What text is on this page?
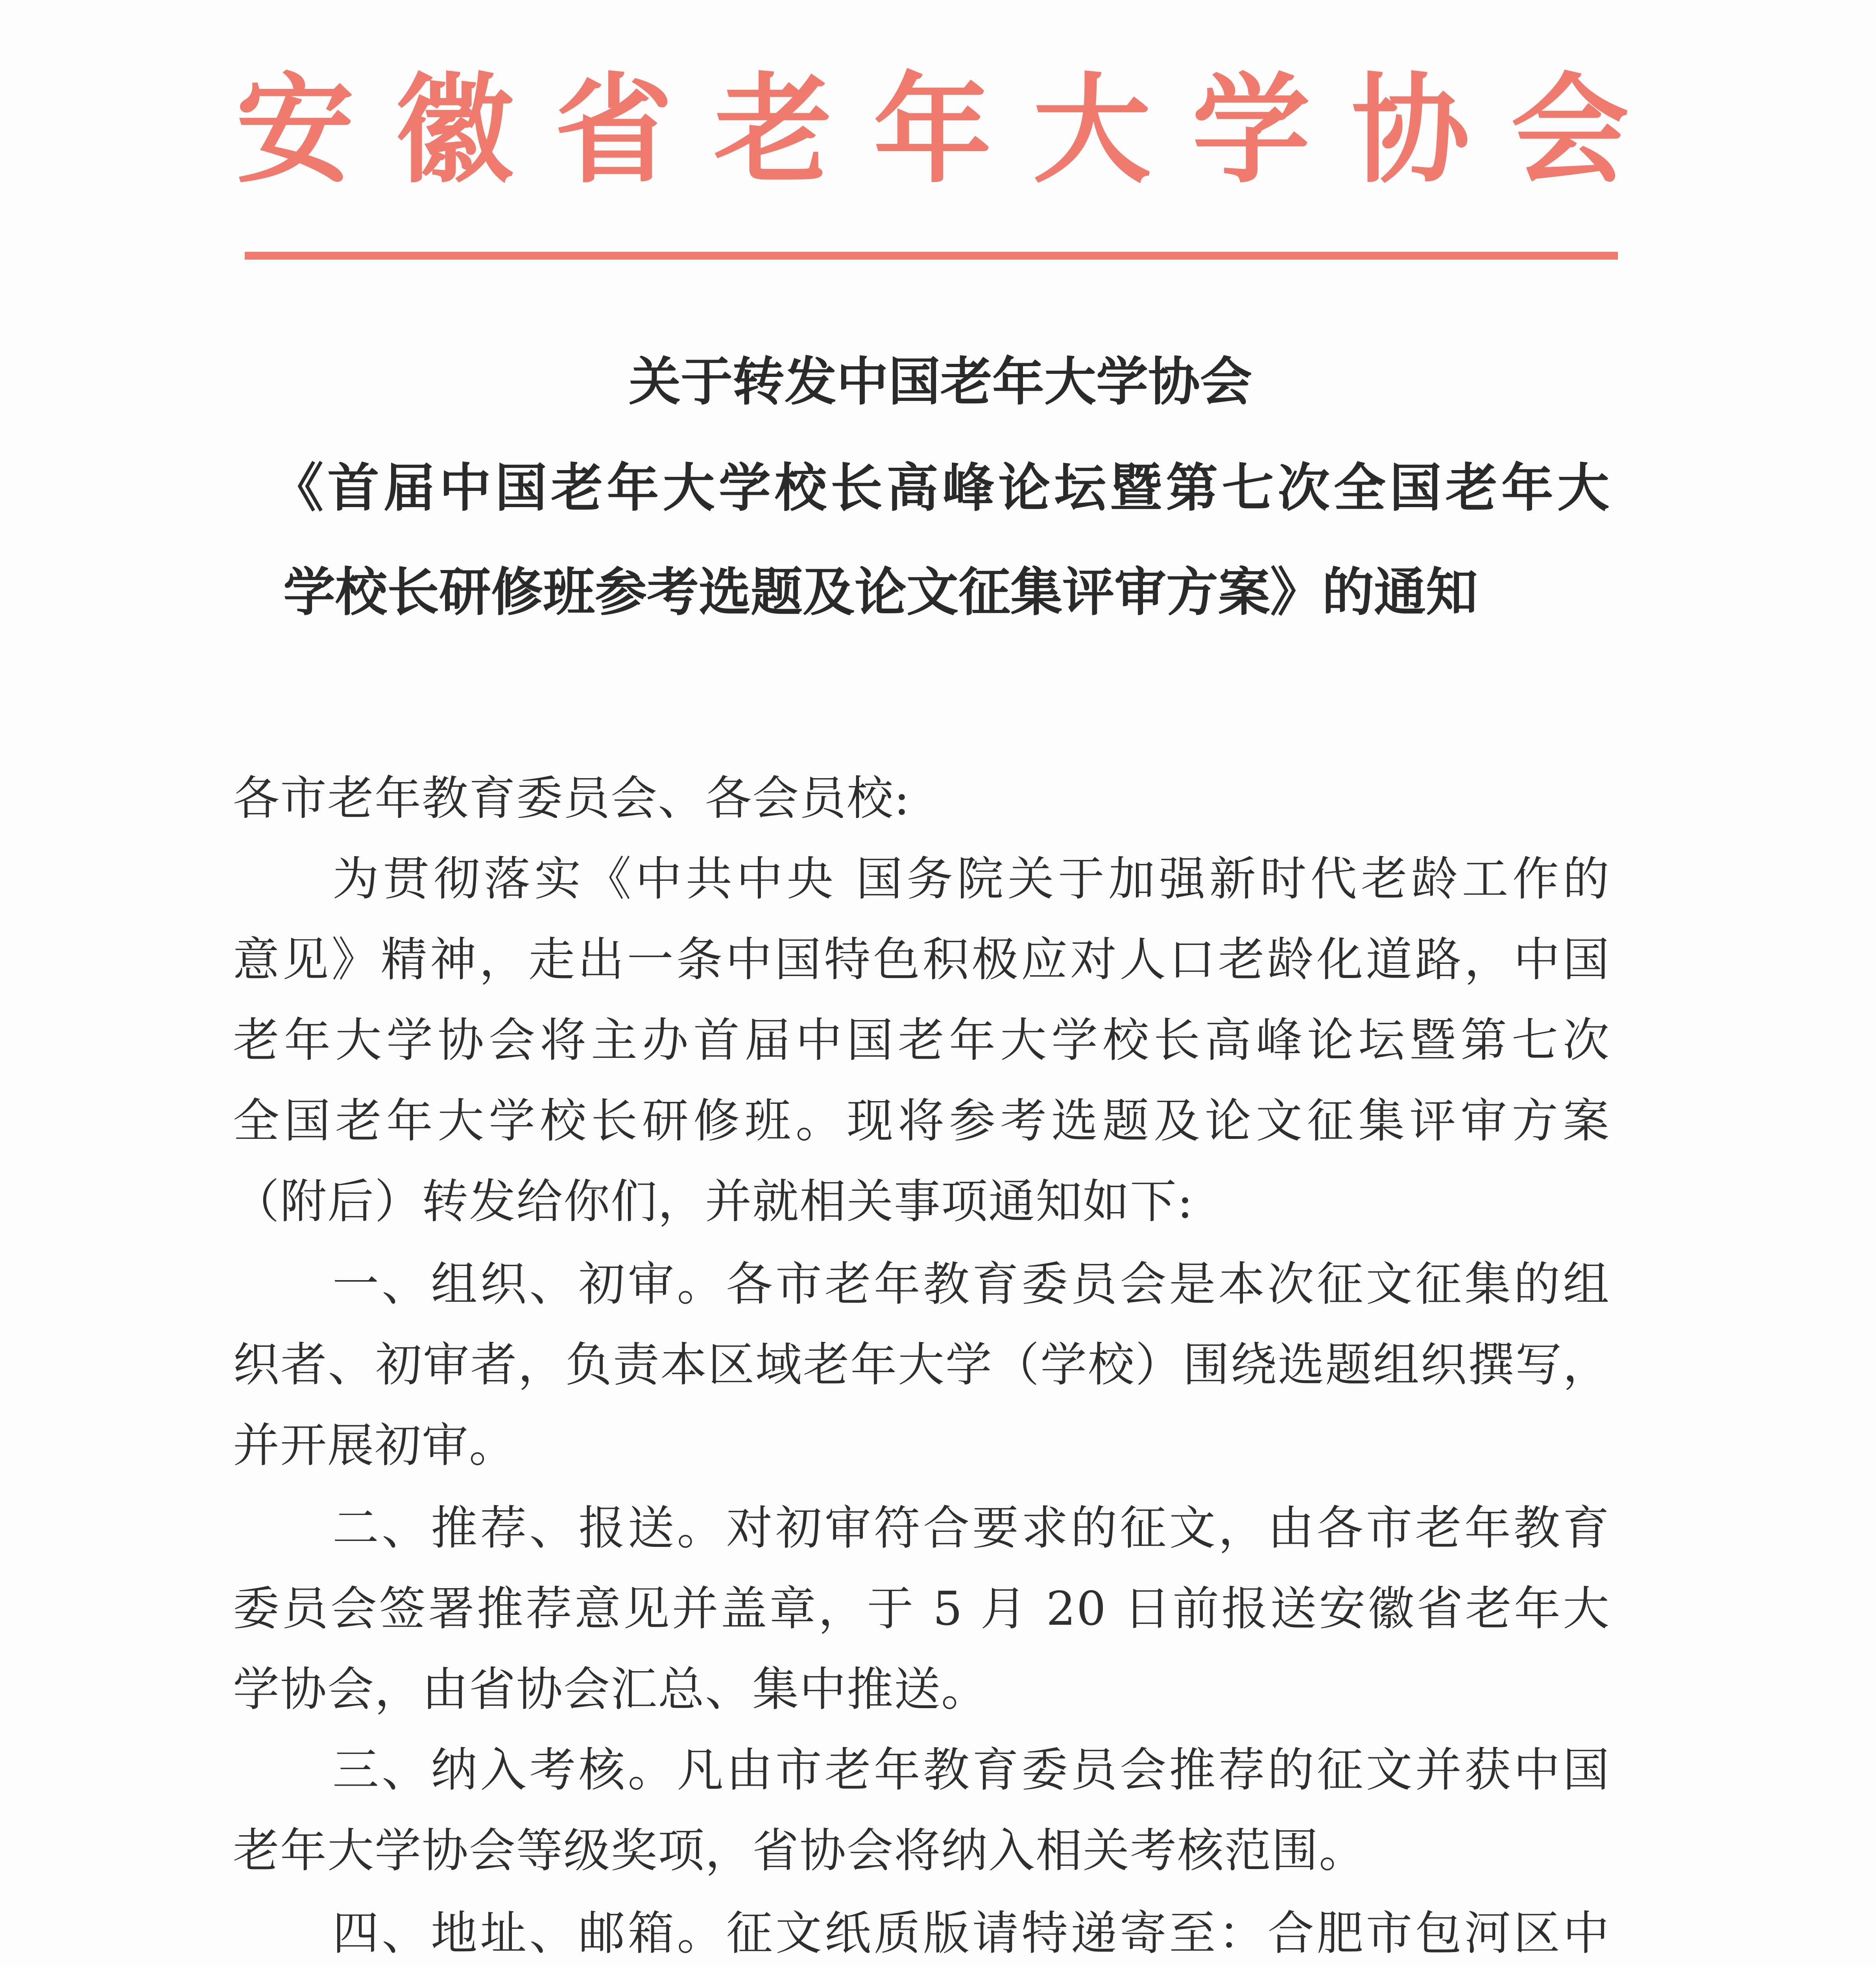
安 徽 省 老 年 大 学 协 会
关于转发中国老年大学协会
《首届中国老年大学校长高峰论坛暨第七次全国老年大
学校长研修班参考选题及论文征集评审方案》的通知
各市老年教育委员会、各会员校:
为贯彻落实《中共中央 国务院关于加强新时代老龄工作的
意见》精神，走出一条中国特色积极应对人口老龄化道路，中国
老年大学协会将主办首届中国老年大学校长高峰论坛暨第七次
全国老年大学校长研修班。现将参考选题及论文征集评审方案
（附后）转发给你们，并就相关事项通知如下:
一、组织、初审。各市老年教育委员会是本次征文征集的组
织者、初审者，负责本区域老年大学（学校）围绕选题组织撰写，
并开展初审。
二、推荐、报送。对初审符合要求的征文，由各市老年教育
委员会签署推荐意见并盖章，于 5 月 20 日前报送安徽省老年大
学协会，由省协会汇总、集中推送。
三、纳入考核。凡由市老年教育委员会推荐的征文并获中国
老年大学协会等级奖项，省协会将纳入相关考核范围。
四、地址、邮箱。征文纸质版请特递寄至：合肥市包河区中
